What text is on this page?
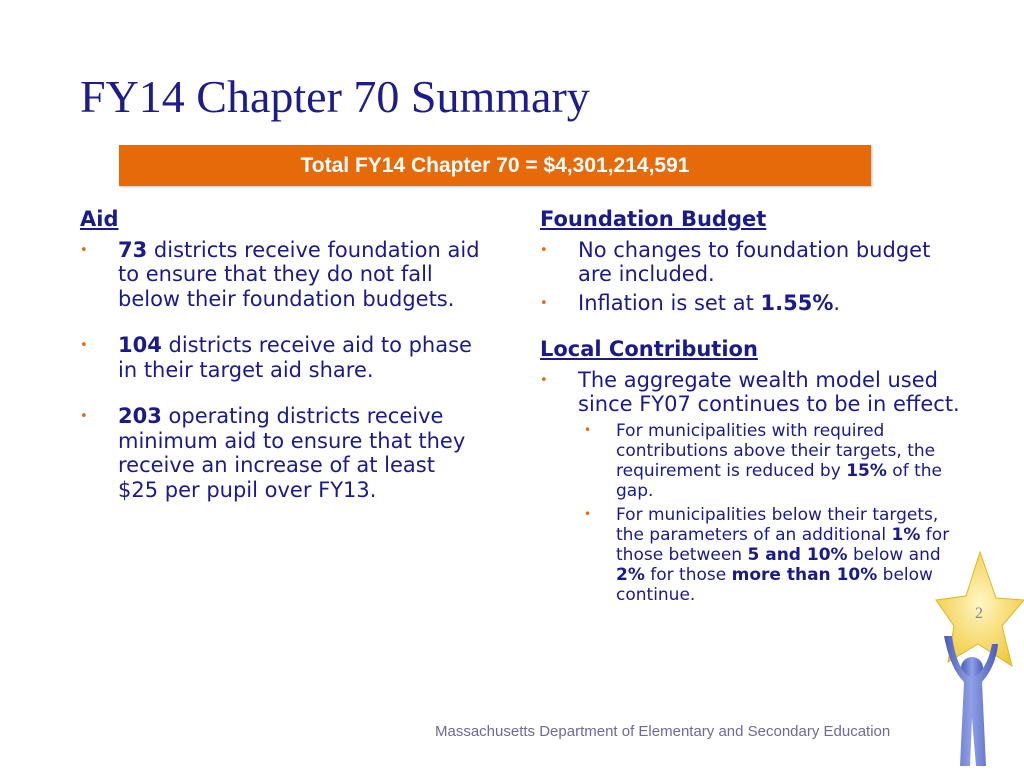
FY14 Chapter 70 Summary
Total FY14 Chapter 70 = $4,301,214,591
Aid
• 73 districts receive foundation aid to ensure that they do not fall below their foundation budgets.
• 104 districts receive aid to phase in their target aid share.
• 203 operating districts receive minimum aid to ensure that they receive an increase of at least $25 per pupil over FY13.
Foundation Budget
• No changes to foundation budget are included.
• Inflation is set at 1.55%.
Local Contribution
• The aggregate wealth model used since FY07 continues to be in effect.
• For municipalities with required contributions above their targets, the requirement is reduced by 15% of the gap.
• For municipalities below their targets, the parameters of an additional 1% for those between 5 and 10% below and 2% for those more than 10% below continue.
2
Massachusetts Department of Elementary and Secondary Education
